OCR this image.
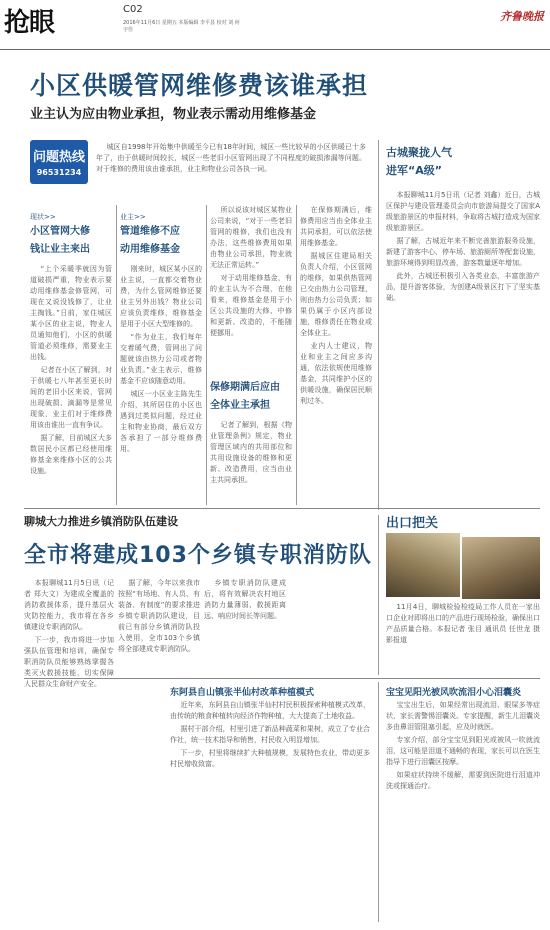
抢眼	C02
2016年11月6日 星期五 本版编辑 李平县 校对 刘 何宇佳
齐鲁晚报
小区供暖管网维修费该谁承担
业主认为应由物业承担，物业表示需动用维修基金
问题热线
96531234

城区自1998年开始集中供暖至今已有18年时间，城区一些比较早的小区供暖已十多年了，由于供暖时间较长，城区一些老旧小区管网出现了不同程度的破损渗漏等问题。对于维修的费用该由谁承担，业主和物业公司各执一词。

现状>>
小区管网大修
钱让业主来出

“上个采暖季就因为管道破损严重，物业表示要动用维修基金修管网，可现在又说没钱修了，让业主掏钱。”日前，家住城区某小区的业主说，物业人员通知他们，小区的供暖管道必须维修，需要业主出钱。

记者在小区了解到，对于供暖七八年甚至更长时间的老旧小区来说，管网出现破损、滴漏等是常见现象，业主们对于维修费用该由谁出一直有争议。

据了解，目前城区大多数居民小区都已经使用维修基金来维修小区的公共设施。

业主>>
管道维修不应
动用维修基金

刚来时，城区某小区的业主说，一直都交着物业费，为什么管网维修还要业主另外出钱？物业公司应该负责维修，维修基金是用于小区大型维修的。

“作为业主，我们每年交着暖气费，管网出了问题就该由热力公司或者物业负责。”业主表示，维修基金不应该随意动用。

城区一小区业主陈先生介绍，其所居住的小区也遇到过类似问题，经过业主和物业协商，最后双方各承担了一部分维修费用。

所以说该对城区某物业公司来说，“对于一些老旧管网的维修，我们也没有办法，这些维修费用如果由物业公司承担，物业就无法正常运转。”

对于动用维修基金，有的业主认为不合理，在他看来，维修基金是用于小区公共设施的大修、中修和更新、改造的，不能随便挪用。

保修期满后应由
全体业主承担

记者了解到，根据《物业管理条例》规定，物业管理区域内的共用部位和共用设施设备的维修和更新、改造费用，应当由业主共同承担。

在保修期满后，维修费用应当由全体业主共同承担，可以依法使用维修基金。

据城区住建局相关负责人介绍，小区管网的维修，如果供热管网已交由热力公司管理，则由热力公司负责；如果仍属于小区内部设施，维修责任在物业或全体业主。

业内人士建议，物业和业主之间应多沟通，依法依规使用维修基金，共同维护小区的供暖设施，确保居民顺利过冬。

古城聚拢人气
进军“A级”

本报聊城11月5日讯（记者 刘鑫）近日，古城区保护与建设管理委员会向市旅游局提交了国家A级旅游景区的申报材料，争取将古城打造成为国家级旅游景区。

据了解，古城近年来不断完善旅游服务设施，新建了游客中心、停车场、旅游厕所等配套设施，旅游环境得到明显改善，游客数量逐年增加。

此外，古城还积极引入各类业态，丰富旅游产品，提升游客体验，为创建A级景区打下了坚实基础。

聊城大力推进乡镇消防队伍建设
全市将建成103个乡镇专职消防队

本报聊城11月5日讯（记者 郑大文）为建成全覆盖的消防救援体系，提升基层火灾防控能力，我市将在各乡镇建设专职消防队。

下一步，我市将进一步加强队伍管理和培训，确保专职消防队员能够熟练掌握各类灭火救援技能，切实保障人民群众生命财产安全。

据了解，今年以来我市按照“有场地、有人员、有装备、有制度”的要求推进乡镇专职消防队建设，目前已有部分乡镇消防队投入使用，全市103个乡镇将全部建成专职消防队。

乡镇专职消防队建成后，将有效解决农村地区消防力量薄弱、救援距离远、响应时间长等问题。

出口把关

11月4日，聊城检验检疫局工作人员在一家出口企业对即将出口的产品进行现场检验，确保出口产品质量合格。本报记者 张目 通讯员 任世龙 摄影报道

东阿县自山镇张半仙村改革种植模式

近年来，东阿县自山镇张半仙村村民积极探索种植模式改革，由传统的粮食种植转向经济作物种植，大大提高了土地收益。

据村干部介绍，村里引进了新品种蔬菜和果树，成立了专业合作社，统一技术指导和销售，村民收入明显增加。

下一步，村里将继续扩大种植规模，发展特色农业，带动更多村民增收致富。

宝宝见阳光被风吹流泪小心泪囊炎

宝宝出生后，如果经常出现流泪、眼屎多等症状，家长需警惕泪囊炎。专家提醒，新生儿泪囊炎多由鼻泪管阻塞引起，应及时就医。

专家介绍，部分宝宝见到阳光或被风一吹就流泪，这可能是泪道不通畅的表现，家长可以在医生指导下进行泪囊区按摩。

如果症状持续不缓解，需要到医院进行泪道冲洗或探通治疗。
